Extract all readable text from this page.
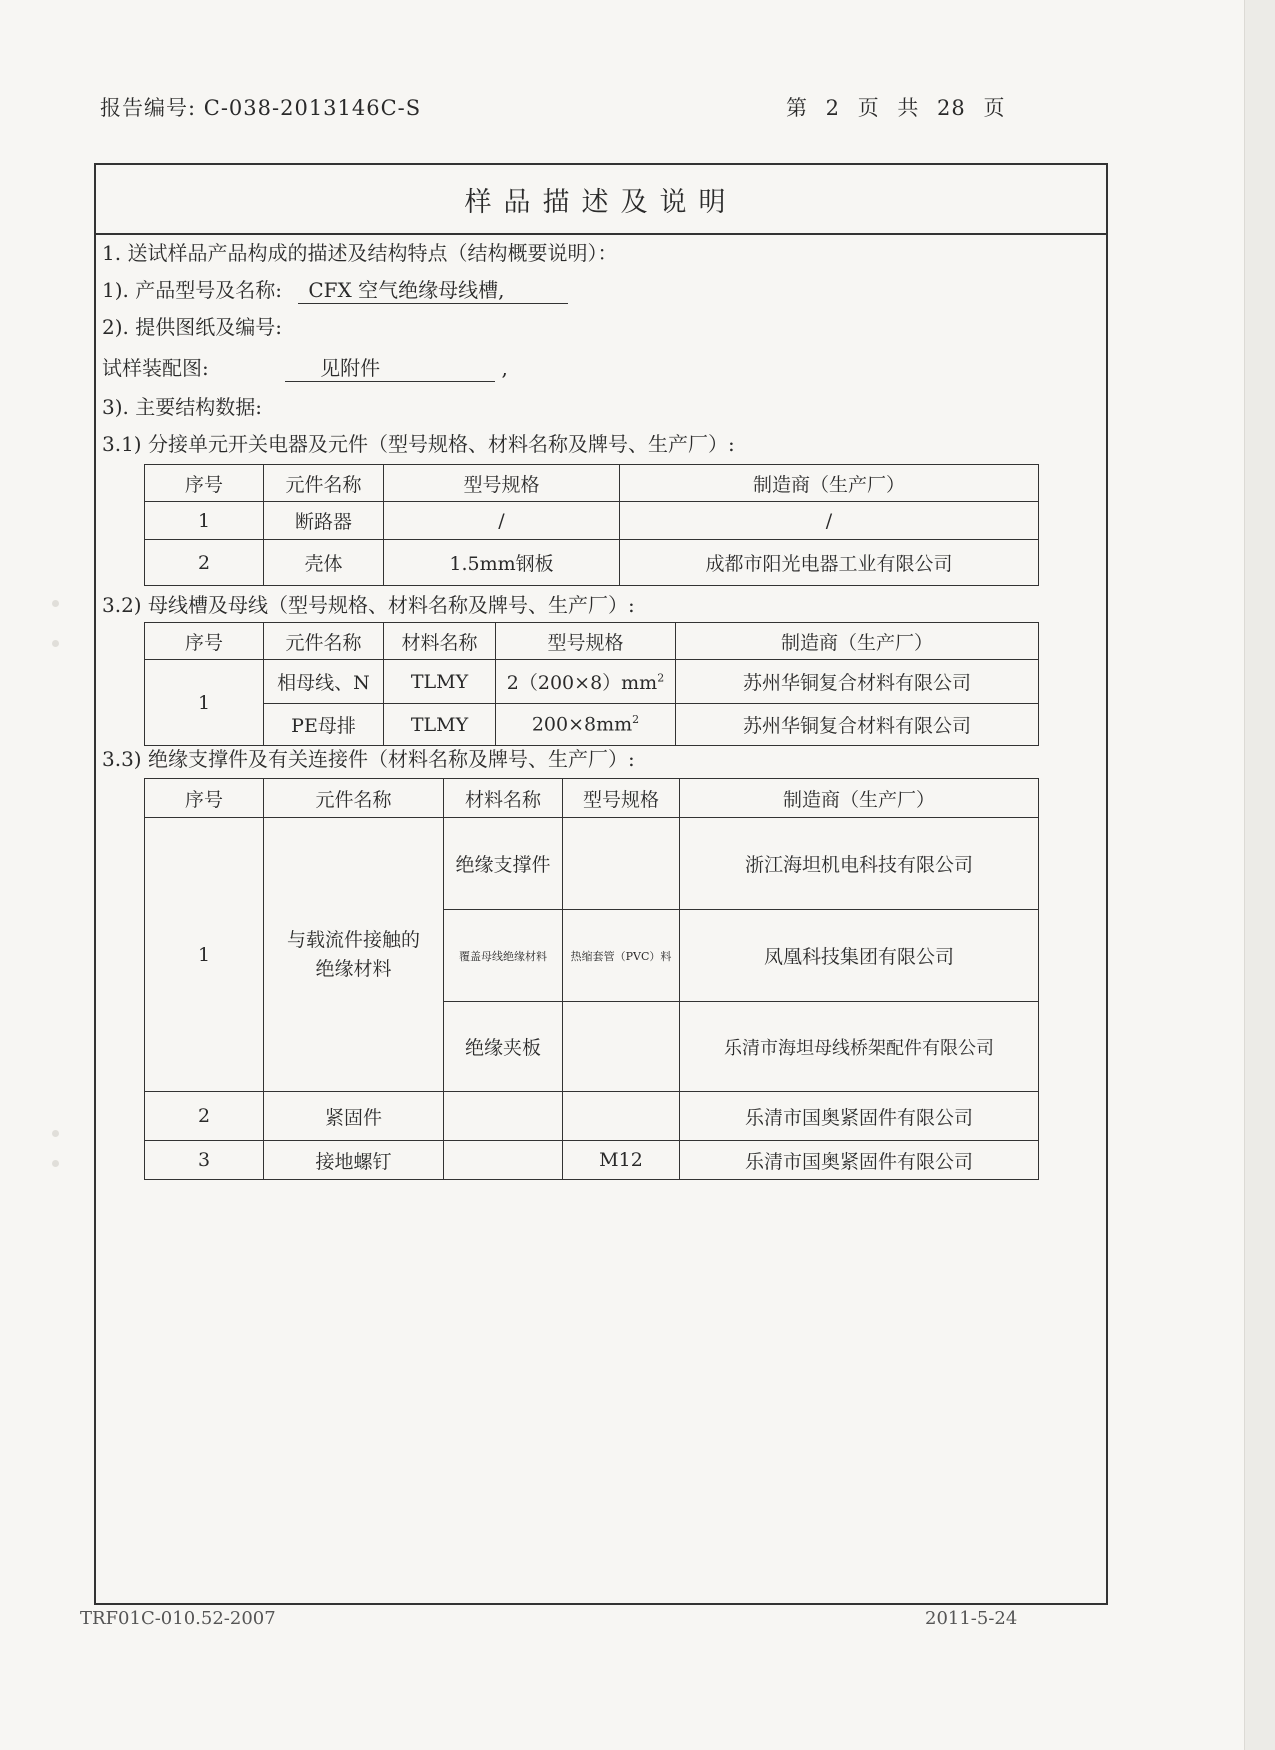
报告编号: C-038-2013146C-S	第 2 页 共 28 页
样品描述及说明
1. 送试样品产品构成的描述及结构特点（结构概要说明）：
1). 产品型号及名称: CFX 空气绝缘母线槽,
2). 提供图纸及编号:
试样装配图:	见附件	,
3). 主要结构数据:
3.1) 分接单元开关电器及元件（型号规格、材料名称及牌号、生产厂）:
序号	元件名称	型号规格	制造商（生产厂）
1	断路器	/	/
2	壳体	1.5mm钢板	成都市阳光电器工业有限公司
3.2) 母线槽及母线（型号规格、材料名称及牌号、生产厂）:
序号	元件名称	材料名称	型号规格	制造商（生产厂）
1	相母线、N	TLMY	$2(200\times 8)mm^2$	苏州华铜复合材料有限公司
	PE母排	TLMY	$200\times 8mm^2$	苏州华铜复合材料有限公司
3.3) 绝缘支撑件及有关连接件（材料名称及牌号、生产厂）:
序号	元件名称	材料名称	型号规格	制造商（生产厂）
1	与载流件接触的绝缘材料	绝缘支撑件		浙江海坦机电科技有限公司
		覆盖母线绝缘材料	热缩套管（PVC）料	凤凰科技集团有限公司
		绝缘夹板		乐清市海坦母线桥架配件有限公司
2	紧固件			乐清市国奥紧固件有限公司
3	接地螺钉		M12	乐清市国奥紧固件有限公司
TRF01C-010.52-2007	2011-5-24
